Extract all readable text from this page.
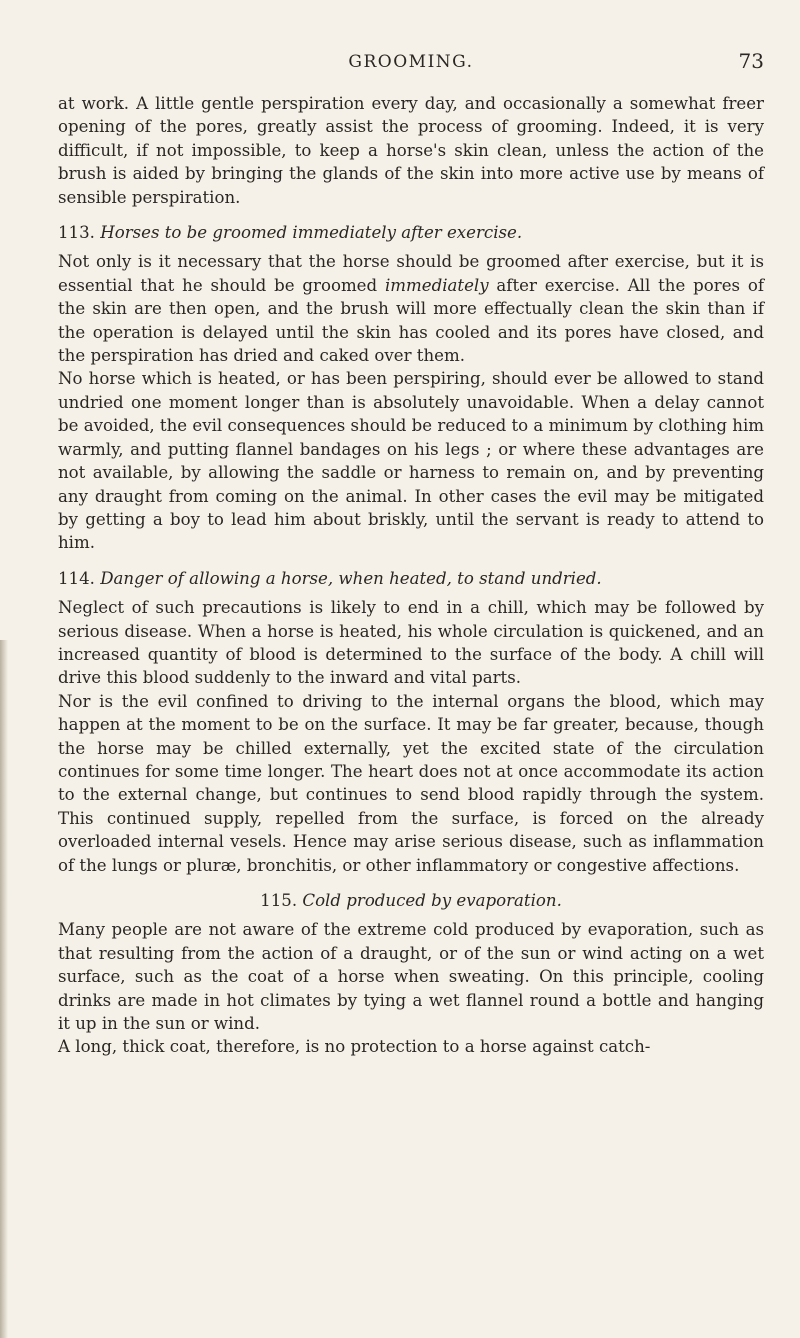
GROOMING.	73

at work. A little gentle perspiration every day, and occasionally a somewhat freer opening of the pores, greatly assist the process of grooming. Indeed, it is very difficult, if not impossible, to keep a horse's skin clean, unless the action of the brush is aided by bringing the glands of the skin into more active use by means of sensible perspiration.

113. Horses to be groomed immediately after exercise.

Not only is it necessary that the horse should be groomed after exercise, but it is essential that he should be groomed immediately after exercise. All the pores of the skin are then open, and the brush will more effectually clean the skin than if the operation is delayed until the skin has cooled and its pores have closed, and the perspiration has dried and caked over them.

No horse which is heated, or has been perspiring, should ever be allowed to stand undried one moment longer than is absolutely unavoidable. When a delay cannot be avoided, the evil consequences should be reduced to a minimum by clothing him warmly, and putting flannel bandages on his legs ; or where these advantages are not available, by allowing the saddle or harness to remain on, and by preventing any draught from coming on the animal. In other cases the evil may be mitigated by getting a boy to lead him about briskly, until the servant is ready to attend to him.

114. Danger of allowing a horse, when heated, to stand undried.

Neglect of such precautions is likely to end in a chill, which may be followed by serious disease. When a horse is heated, his whole circulation is quickened, and an increased quantity of blood is determined to the surface of the body. A chill will drive this blood suddenly to the inward and vital parts.

Nor is the evil confined to driving to the internal organs the blood, which may happen at the moment to be on the surface. It may be far greater, because, though the horse may be chilled externally, yet the excited state of the circulation continues for some time longer. The heart does not at once accommodate its action to the external change, but continues to send blood rapidly through the system. This continued supply, repelled from the surface, is forced on the already overloaded internal vesels. Hence may arise serious disease, such as inflammation of the lungs or pluræ, bronchitis, or other inflammatory or congestive affections.

115. Cold produced by evaporation.

Many people are not aware of the extreme cold produced by evaporation, such as that resulting from the action of a draught, or of the sun or wind acting on a wet surface, such as the coat of a horse when sweating. On this principle, cooling drinks are made in hot climates by tying a wet flannel round a bottle and hanging it up in the sun or wind.

A long, thick coat, therefore, is no protection to a horse against catch-
